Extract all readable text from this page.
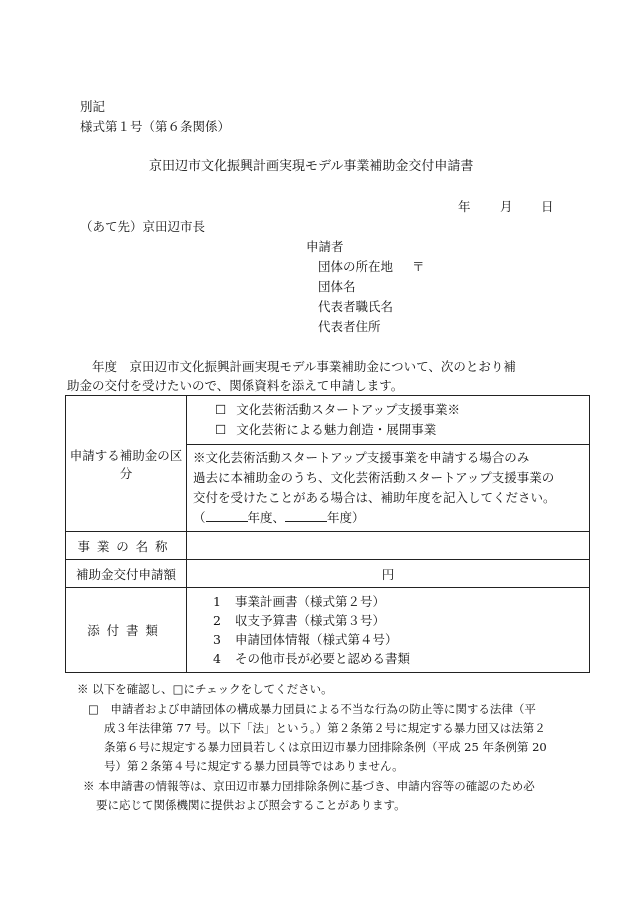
別記
様式第１号（第６条関係）
京田辺市文化振興計画実現モデル事業補助金交付申請書
年 月 日
（あて先）京田辺市長
申請者
団体の所在地 〒
団体名
代表者職氏名
代表者住所
年度　京田辺市文化振興計画実現モデル事業補助金について、次のとおり補
助金の交付を受けたいので、関係資料を添えて申請します。
申請する補助金の区分	☐ 文化芸術活動スタートアップ支援事業※
☐ 文化芸術による魅力創造・展開事業

	※文化芸術活動スタートアップ支援事業を申請する場合のみ
過去に本補助金のうち、文化芸術活動スタートアップ支援事業の
交付を受けたことがある場合は、補助年度を記入してください。
（ 年度、 年度）

事業の名称	
補助金交付申請額	円
添付書類	1 事業計画書（様式第２号）
2 収支予算書（様式第３号）
3 申請団体情報（様式第４号）
4 その他市長が必要と認める書類
※ 以下を確認し、□にチェックをしてください。
□　申請者および申請団体の構成暴力団員による不当な行為の防止等に関する法律（平
成３年法律第 77 号。以下「法」という。）第２条第２号に規定する暴力団又は法第２
条第６号に規定する暴力団員若しくは京田辺市暴力団排除条例（平成 25 年条例第 20
号）第２条第４号に規定する暴力団員等ではありません。
※ 本申請書の情報等は、京田辺市暴力団排除条例に基づき、申請内容等の確認のため必
要に応じて関係機関に提供および照会することがあります。
